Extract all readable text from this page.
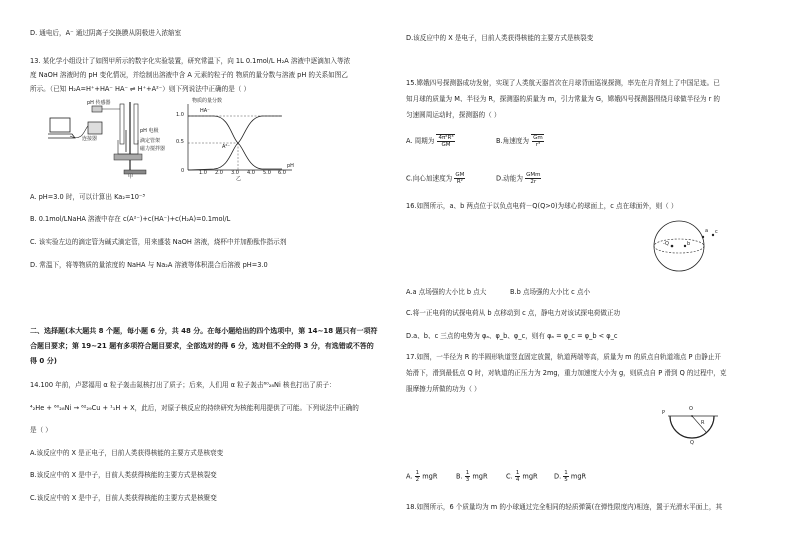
D. 通电后，A⁻ 通过阴离子交换膜从阴极进入浓缩室
13. 某化学小组设计了如图甲所示的数字化实验装置，研究常温下，向 1L 0.1mol/L H₂A 溶液中逐滴加入等浓
度 NaOH 溶液时的 pH 变化情况，并绘制出溶液中含 A 元素的粒子的 物质的量分数与溶液 pH 的关系如图乙
所示。（已知 H₂A=H⁺+HA⁻ HA⁻ ⇌ H⁺+A²⁻）则下列说法中正确的是（ ）
pH 传感器
连接器
pH 电极
滴定管架
磁力搅拌器
甲
物质的量分数
HA⁻
A²⁻
1.0
0.5
0	1.0 2.0 3.0 4.0 5.0 6.0
pH
乙
A. pH=3.0 时，可以计算出 Ka₂=10⁻³
B. 0.1mol/LNaHA 溶液中存在 c(A²⁻)+c(HA⁻)+c(H₂A)=0.1mol/L
C. 该实验左边的滴定管为碱式滴定管，用来盛装 NaOH 溶液，烧杯中并加酚酞作指示剂
D. 常温下，将等物质的量浓度的 NaHA 与 Na₂A 溶液等体积混合后溶液 pH=3.0
二、选择题(本大题共 8 个题，每小题 6 分，共 48 分。在每小题给出的四个选项中，第 14~18 题只有一项符
合题目要求；第 19~21 题有多项符合题目要求，全部选对的得 6 分，选对但不全的得 3 分，有选错或不答的
得 0 分)
14.100 年前，卢瑟福用 α 粒子轰击氮核打出了质子；后来，人们用 α 粒子轰击⁶⁰₂₈Ni 核也打出了质子：
⁴₂He + ⁶⁰₂₈Ni → ⁶²₂₉Cu + ¹₁H + X，此后，对原子核反应的持续研究为核能利用提供了可能。下列说法中正确的
是（ ）
A.该反应中的 X 是正电子，目前人类获得核能的主要方式是核衰变
B.该反应中的 X 是中子，目前人类获得核能的主要方式是核裂变
C.该反应中的 X 是中子，目前人类获得核能的主要方式是核聚变
D.该反应中的 X 是电子，目前人类获得核能的主要方式是核裂变
15.嫦娥四号探测器成功发射，实现了人类航天器首次在月球背面巡视探测，率先在月背刻上了中国足迹。已
知月球的质量为 M、半径为 R，探测器的质量为 m，引力常量为 G，嫦娥四号探测器围绕月球做半径为 r 的
匀速圆周运动时，探测器的（ ）
A. 周期为 $\frac{\text{4π²R³}}{GM}$	B.角速度为 $\frac{Gm}{\text{r³}}$
C.向心加速度为 $\frac{GM}{\text{R²}}$	D.动能为 $\frac{\text{GMm}}{2r}$
16.如图所示，a、b 两点位于以负点电荷－Q(Q>0)为球心的球面上，c 点在球面外，则（ ）
-Q	b
a c
A.a 点场强的大小比 b 点大	B.b 点场强的大小比 c 点小
C.将一正电荷的试探电荷从 b 点移动到 c 点，静电力对该试探电荷做正功
D.a、b、c 三点的电势为 φₐ、φ_b、φ_c，则有 φₐ = φ_c = φ_b < φ_c
17.如图，一半径为 R 的半圆形轨道竖直固定放置，轨道两端等高，质量为 m 的质点自轨道端点 P 由静止开
始滑下，滑到最低点 Q 时，对轨道的正压力为 2mg，重力加速度大小为 g，则质点自 P 滑到 Q 的过程中，克
服摩擦力所做的功为（ ）
P
O
R
Q
A. $\frac{1}{2}$ mgR	B. $\frac{1}{3}$ mgR	C. $\frac{1}{4}$ mgR D. $\frac{1}{5}$ mgR
18.如图所示，6 个质量均为 m 的小球通过完全相同的轻质弹簧(在弹性限度内)相连，置于光滑水平面上，其
